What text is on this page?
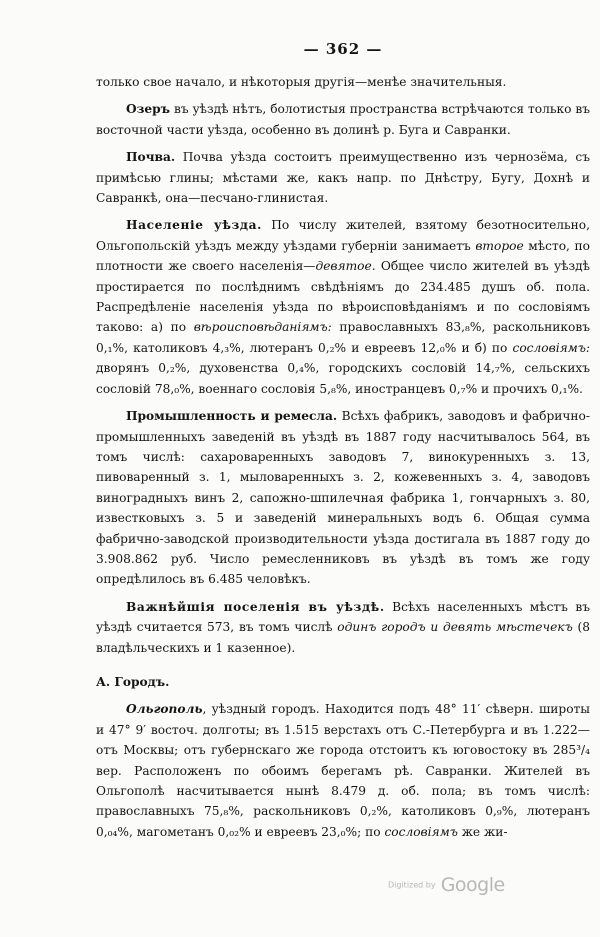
— 362 —

только свое начало, и нѣкоторыя другія—менѣе значительныя.

Озеръ въ уѣздѣ нѣтъ, болотистыя пространства встрѣчаются только въ восточной части уѣзда, особенно въ долинѣ р. Буга и Савранки.

Почва. Почва уѣзда состоитъ преимущественно изъ чернозёма, съ примѣсью глины; мѣстами же, какъ напр. по Днѣстру, Бугу, Дохнѣ и Савранкѣ, она—песчано-глинистая.

Населеніе уѣзда. По числу жителей, взятому безотносительно, Ольгопольскій уѣздъ между уѣздами губерніи занимаетъ второе мѣсто, по плотности же своего населенія—девятое. Общее число жителей въ уѣздѣ простирается по послѣднимъ свѣдѣніямъ до 234.485 душъ об. пола. Распредѣленіе населенія уѣзда по вѣроисповѣданіямъ и по сословіямъ таково: а) по вѣроисповѣданіямъ: православныхъ 83,₈%, раскольниковъ 0,₁%, католиковъ 4,₃%, лютеранъ 0,₂% и евреевъ 12,₀% и б) по сословіямъ: дворянъ 0,₂%, духовенства 0,₄%, городскихъ сословій 14,₇%, сельскихъ сословій 78,₀%, военнаго сословія 5,₈%, иностранцевъ 0,₇% и прочихъ 0,₁%.

Промышленность и ремесла. Всѣхъ фабрикъ, заводовъ и фабрично-промышленныхъ заведеній въ уѣздѣ въ 1887 году насчитывалось 564, въ томъ числѣ: сахароваренныхъ заводовъ 7, винокуренныхъ з. 13, пивоваренный з. 1, мыловаренныхъ з. 2, кожевенныхъ з. 4, заводовъ виноградныхъ винъ 2, сапожно-шпилечная фабрика 1, гончарныхъ з. 80, известковыхъ з. 5 и заведеній минеральныхъ водъ 6. Общая сумма фабрично-заводской производительности уѣзда достигала въ 1887 году до 3.908.862 руб. Число ремесленниковъ въ уѣздѣ въ томъ же году опредѣлилось въ 6.485 человѣкъ.

Важнѣйшія поселенія въ уѣздѣ. Всѣхъ населенныхъ мѣстъ въ уѣздѣ считается 573, въ томъ числѣ одинъ городъ и девять мѣстечекъ (8 владѣльческихъ и 1 казенное).

А. Городъ.

Ольгополь, уѣздный городъ. Находится подъ 48° 11′ сѣверн. широты и 47° 9′ восточ. долготы; въ 1.515 верстахъ отъ С.-Петербурга и въ 1.222—отъ Москвы; отъ губернскаго же города отстоитъ къ юговостоку въ 285³/₄ вер. Расположенъ по обоимъ берегамъ рѣ. Савранки. Жителей въ Ольгополѣ насчитывается нынѣ 8.479 д. об. пола; въ томъ числѣ: православныхъ 75,₈%, раскольниковъ 0,₂%, католиковъ 0,₉%, лютеранъ 0,₀₄%, магометанъ 0,₀₂% и евреевъ 23,₀%; по сословіямъ же жи-

Digitized by Google
